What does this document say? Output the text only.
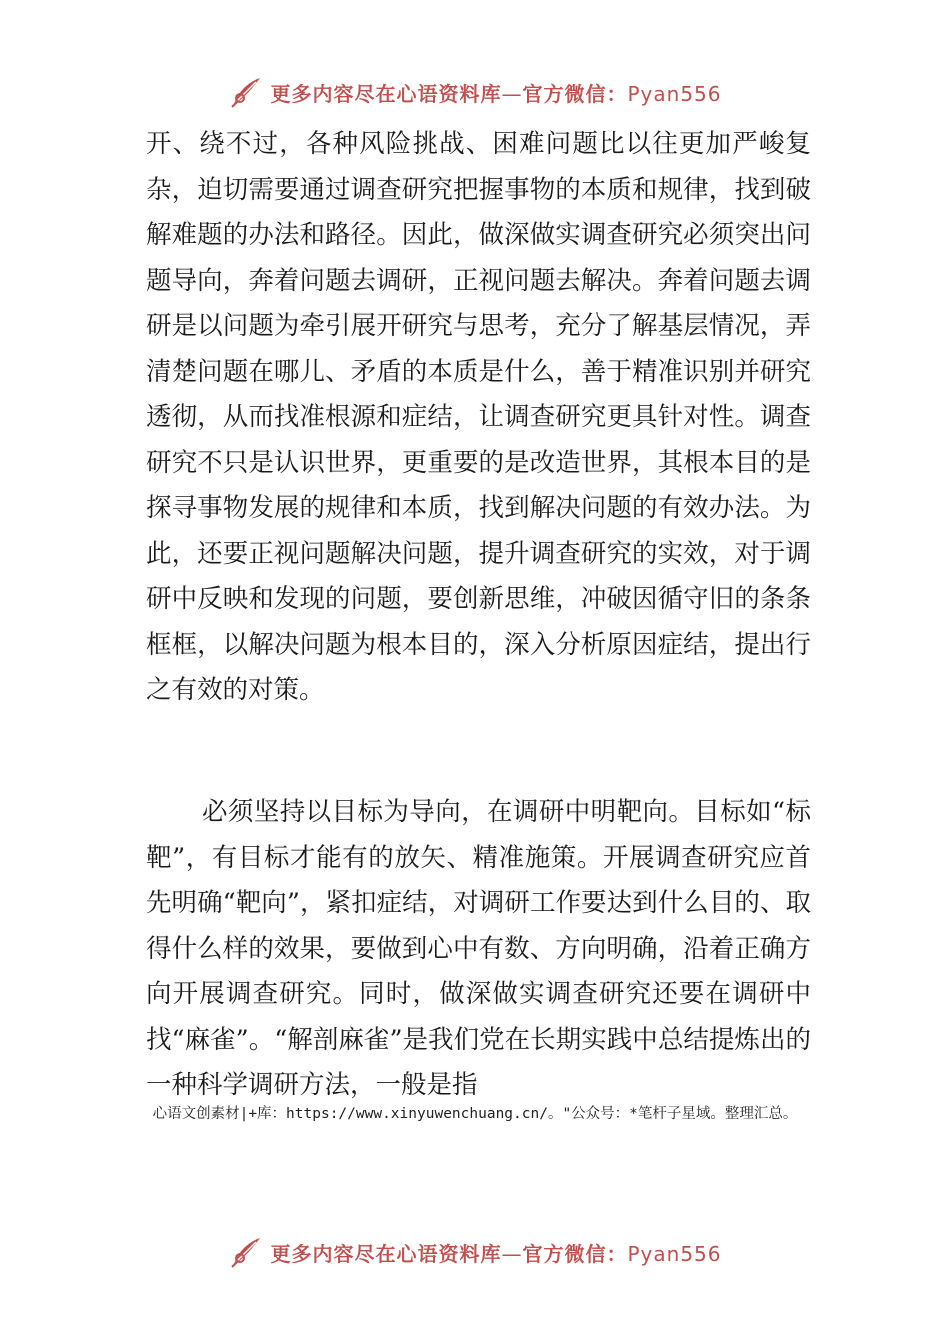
更多内容尽在心语资料库—官方微信：Pyan556

开、绕不过，各种风险挑战、困难问题比以往更加严峻复杂，迫切需要通过调查研究把握事物的本质和规律，找到破解难题的办法和路径。因此，做深做实调查研究必须突出问题导向，奔着问题去调研，正视问题去解决。奔着问题去调研是以问题为牵引展开研究与思考，充分了解基层情况，弄清楚问题在哪儿、矛盾的本质是什么，善于精准识别并研究透彻，从而找准根源和症结，让调查研究更具针对性。调查研究不只是认识世界，更重要的是改造世界，其根本目的是探寻事物发展的规律和本质，找到解决问题的有效办法。为此，还要正视问题解决问题，提升调查研究的实效，对于调研中反映和发现的问题，要创新思维，冲破因循守旧的条条框框，以解决问题为根本目的，深入分析原因症结，提出行之有效的对策。

必须坚持以目标为导向，在调研中明靶向。目标如“标靶”，有目标才能有的放矢、精准施策。开展调查研究应首先明确“靶向”，紧扣症结，对调研工作要达到什么目的、取得什么样的效果，要做到心中有数、方向明确，沿着正确方向开展调查研究。同时，做深做实调查研究还要在调研中找“麻雀”。“解剖麻雀”是我们党在长期实践中总结提炼出的一种科学调研方法，一般是指

心语文创素材|+库：https://www.xinyuwenchuang.cn/。"公众号：*笔杆子星域。整理汇总。
更多内容尽在心语资料库—官方微信：Pyan556
